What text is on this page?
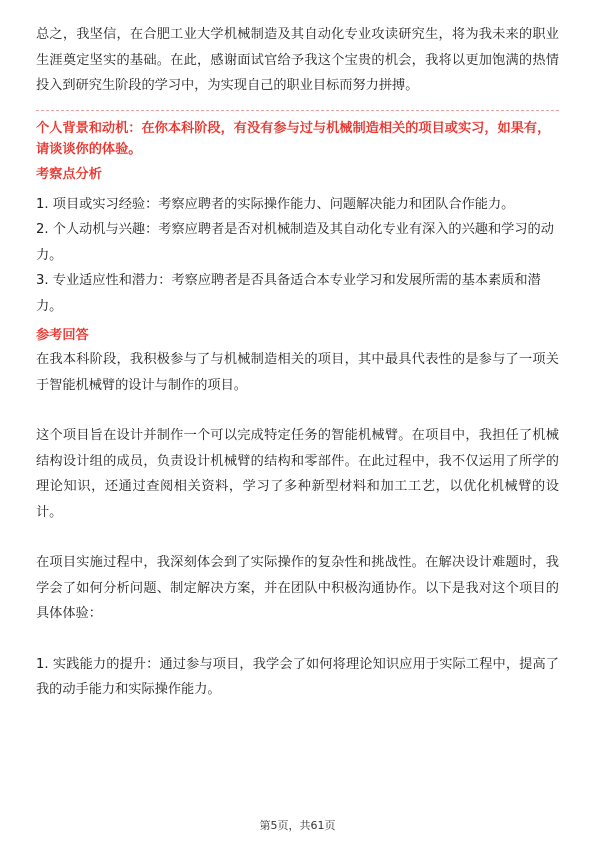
总之，我坚信，在合肥工业大学机械制造及其自动化专业攻读研究生，将为我未来的职业生涯奠定坚实的基础。在此，感谢面试官给予我这个宝贵的机会，我将以更加饱满的热情投入到研究生阶段的学习中，为实现自己的职业目标而努力拼搏。

个人背景和动机：在你本科阶段，有没有参与过与机械制造相关的项目或实习，如果有，请谈谈你的体验。

考察点分析

1. 项目或实习经验：考察应聘者的实际操作能力、问题解决能力和团队合作能力。

2. 个人动机与兴趣：考察应聘者是否对机械制造及其自动化专业有深入的兴趣和学习的动力。

3. 专业适应性和潜力：考察应聘者是否具备适合本专业学习和发展所需的基本素质和潜力。

参考回答

在我本科阶段，我积极参与了与机械制造相关的项目，其中最具代表性的是参与了一项关于智能机械臂的设计与制作的项目。

这个项目旨在设计并制作一个可以完成特定任务的智能机械臂。在项目中，我担任了机械结构设计组的成员，负责设计机械臂的结构和零部件。在此过程中，我不仅运用了所学的理论知识，还通过查阅相关资料，学习了多种新型材料和加工工艺，以优化机械臂的设计。

在项目实施过程中，我深刻体会到了实际操作的复杂性和挑战性。在解决设计难题时，我学会了如何分析问题、制定解决方案，并在团队中积极沟通协作。以下是我对这个项目的具体体验：

1. 实践能力的提升：通过参与项目，我学会了如何将理论知识应用于实际工程中，提高了我的动手能力和实际操作能力。

第5页，共61页
